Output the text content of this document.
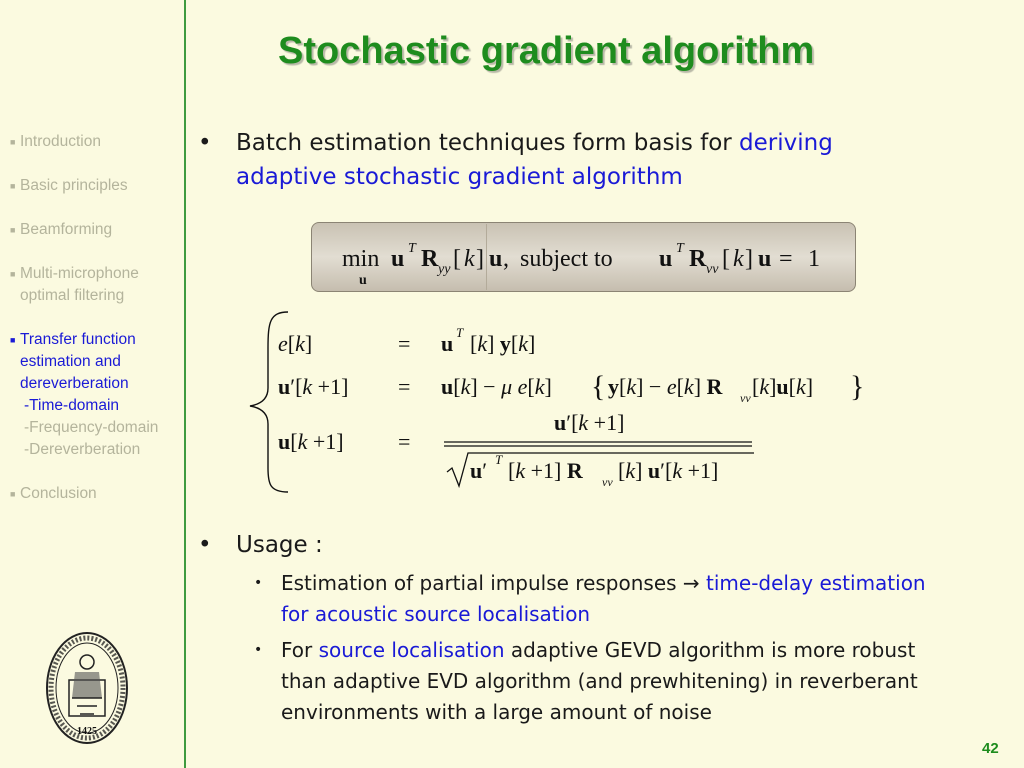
Stochastic gradient algorithm
■ Introduction
■ Basic principles
■ Beamforming
■ Multi-microphone
optimal filtering
■ Transfer function
estimation and
dereverberation
-Time-domain
-Frequency-domain
-Dereverberation
■ Conclusion
• Batch estimation techniques form basis for deriving adaptive stochastic gradient algorithm
min
u
u T R yy [ k ] u , subject to u T R vv [ k ] u = 1
e[k]	= u T [k] y[k]
u′[k +1] = u[k] − μ e[k] { y[k] − e[k] R vv
u[k +1] =
u′[k +1]
u′ T [k +1] R vv [k] u′[k +1]
[k]u[k] }
• Usage :
• Estimation of partial impulse responses → time-delay estimation for acoustic source localisation
• For source localisation adaptive GEVD algorithm is more robust than adaptive EVD algorithm (and prewhitening) in reverberant environments with a large amount of noise
1425
42
